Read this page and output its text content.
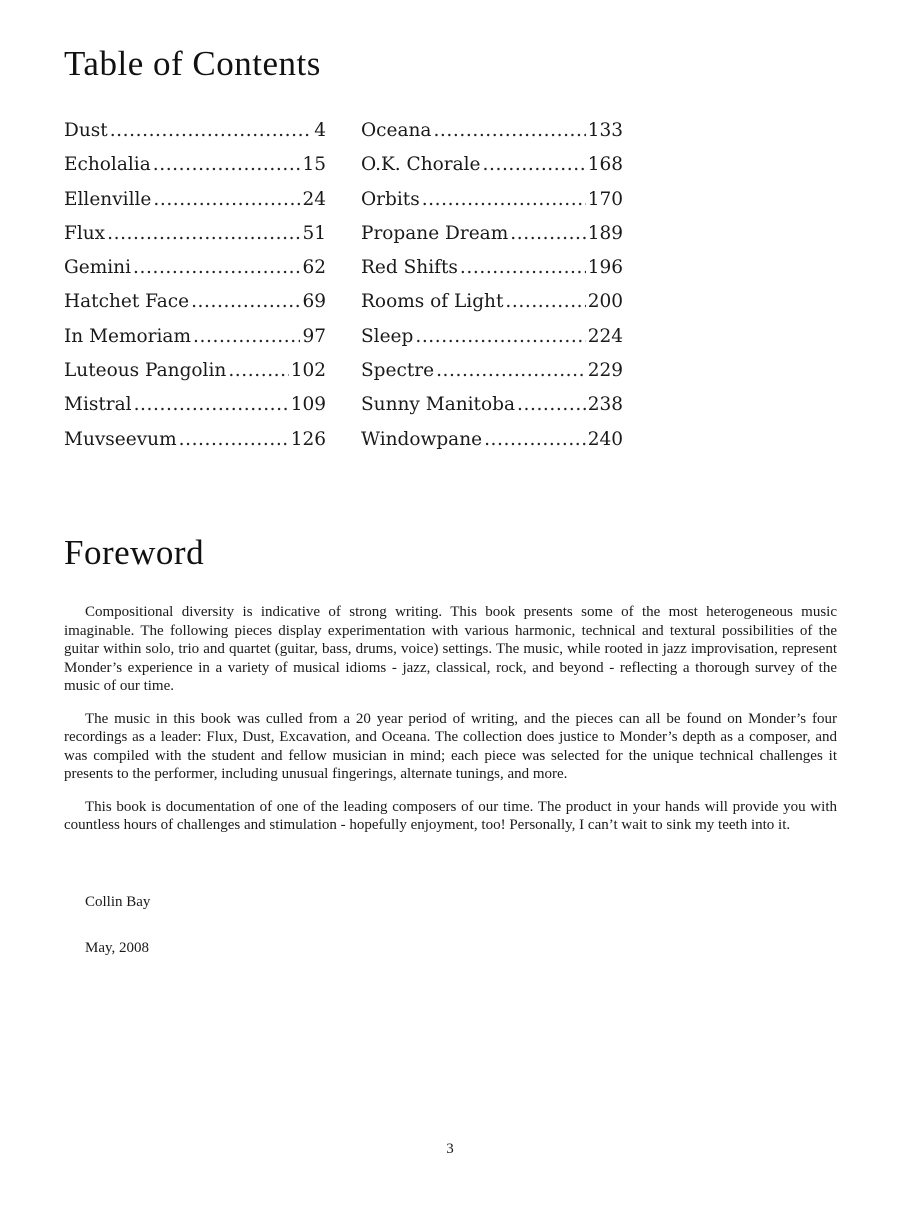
Table of Contents
Dust .....	4
Echolalia .....	15
Ellenville .....	24
Flux .....	51
Gemini .....	62
Hatchet Face .....	69
In Memoriam .....	97
Luteous Pangolin .....	102
Mistral .....	109
Muvseevum .....	126
Oceana .....	133
O.K. Chorale .....	168
Orbits .....	170
Propane Dream .....	189
Red Shifts .....	196
Rooms of Light .....	200
Sleep .....	224
Spectre .....	229
Sunny Manitoba .....	238
Windowpane .....	240
Foreword

Compositional diversity is indicative of strong writing. This book presents some of the most heterogeneous music imaginable. The following pieces display experimentation with various harmonic, technical and textural possibilities of the guitar within solo, trio and quartet (guitar, bass, drums, voice) settings. The music, while rooted in jazz improvisation, represent Monder’s experience in a variety of musical idioms - jazz, classical, rock, and beyond - reflecting a thorough survey of the music of our time.

The music in this book was culled from a 20 year period of writing, and the pieces can all be found on Monder’s four recordings as a leader: Flux, Dust, Excavation, and Oceana. The collection does justice to Monder’s depth as a composer, and was compiled with the student and fellow musician in mind; each piece was selected for the unique technical challenges it presents to the performer, including unusual fingerings, alternate tunings, and more.

This book is documentation of one of the leading composers of our time. The product in your hands will provide you with countless hours of challenges and stimulation - hopefully enjoyment, too! Personally, I can’t wait to sink my teeth into it.

Collin Bay

May, 2008

3
